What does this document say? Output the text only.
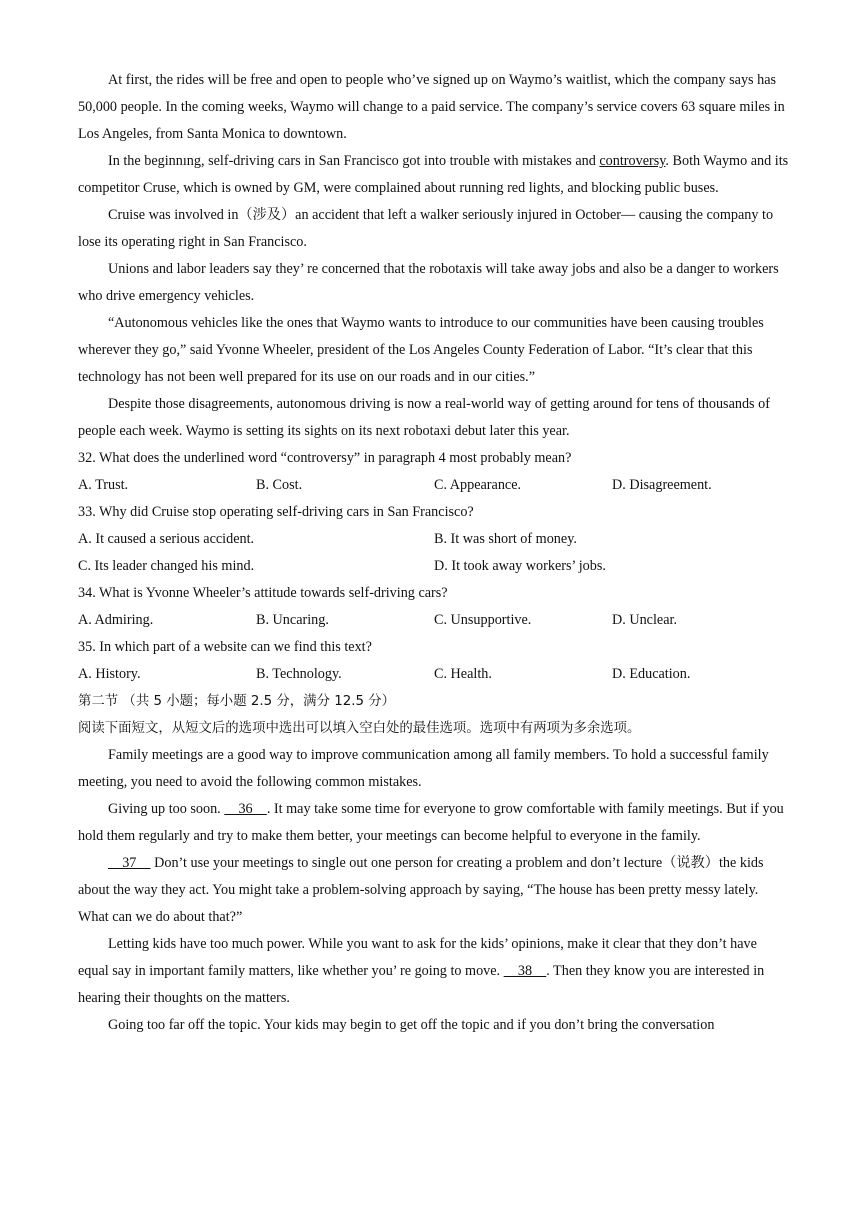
At first, the rides will be free and open to people who’ve signed up on Waymo’s waitlist, which the company says has 50,000 people. In the coming weeks, Waymo will change to a paid service. The company’s service covers 63 square miles in Los Angeles, from Santa Monica to downtown.

In the beginnıng, self-driving cars in San Francisco got into trouble with mistakes and controversy. Both Waymo and its competitor Cruse, which is owned by GM, were complained about running red lights, and blocking public buses.

Cruise was involved in（涉及）an accident that left a walker seriously injured in October— causing the company to lose its operating right in San Francisco.

Unions and labor leaders say they’ re concerned that the robotaxis will take away jobs and also be a danger to workers who drive emergency vehicles.

“Autonomous vehicles like the ones that Waymo wants to introduce to our communities have been causing troubles wherever they go,” said Yvonne Wheeler, president of the Los Angeles County Federation of Labor. “It’s clear that this technology has not been well prepared for its use on our roads and in our cities.”

Despite those disagreements, autonomous driving is now a real-world way of getting around for tens of thousands of people each week. Waymo is setting its sights on its next robotaxi debut later this year.

32. What does the underlined word “controversy” in paragraph 4 most probably mean?

A. Trust.	B. Cost.	C. Appearance.	D. Disagreement.

33. Why did Cruise stop operating self-driving cars in San Francisco?

A. It caused a serious accident.	B. It was short of money.
C. Its leader changed his mind.	D. It took away workers’ jobs.

34. What is Yvonne Wheeler’s attitude towards self-driving cars?

A. Admiring.	B. Uncaring.	C. Unsupportive.	D. Unclear.

35. In which part of a website can we find this text?

A. History.	B. Technology.	C. Health.	D. Education.

第二节 （共 5 小题；每小题 2.5 分，满分 12.5 分）

阅读下面短文，从短文后的选项中选出可以填入空白处的最佳选项。选项中有两项为多余选项。

Family meetings are a good way to improve communication among all family members. To hold a successful family meeting, you need to avoid the following common mistakes.

Giving up too soon.     36    . It may take some time for everyone to grow comfortable with family meetings. But if you hold them regularly and try to make them better, your meetings can become helpful to everyone in the family.

37     Don’t use your meetings to single out one person for creating a problem and don’t lecture（说教）the kids about the way they act. You might take a problem-solving approach by saying, “The house has been pretty messy lately. What can we do about that?”

Letting kids have too much power. While you want to ask for the kids’ opinions, make it clear that they don’t have equal say in important family matters, like whether you’ re going to move.     38    . Then they know you are interested in hearing their thoughts on the matters.

Going too far off the topic. Your kids may begin to get off the topic and if you don’t bring the conversation
